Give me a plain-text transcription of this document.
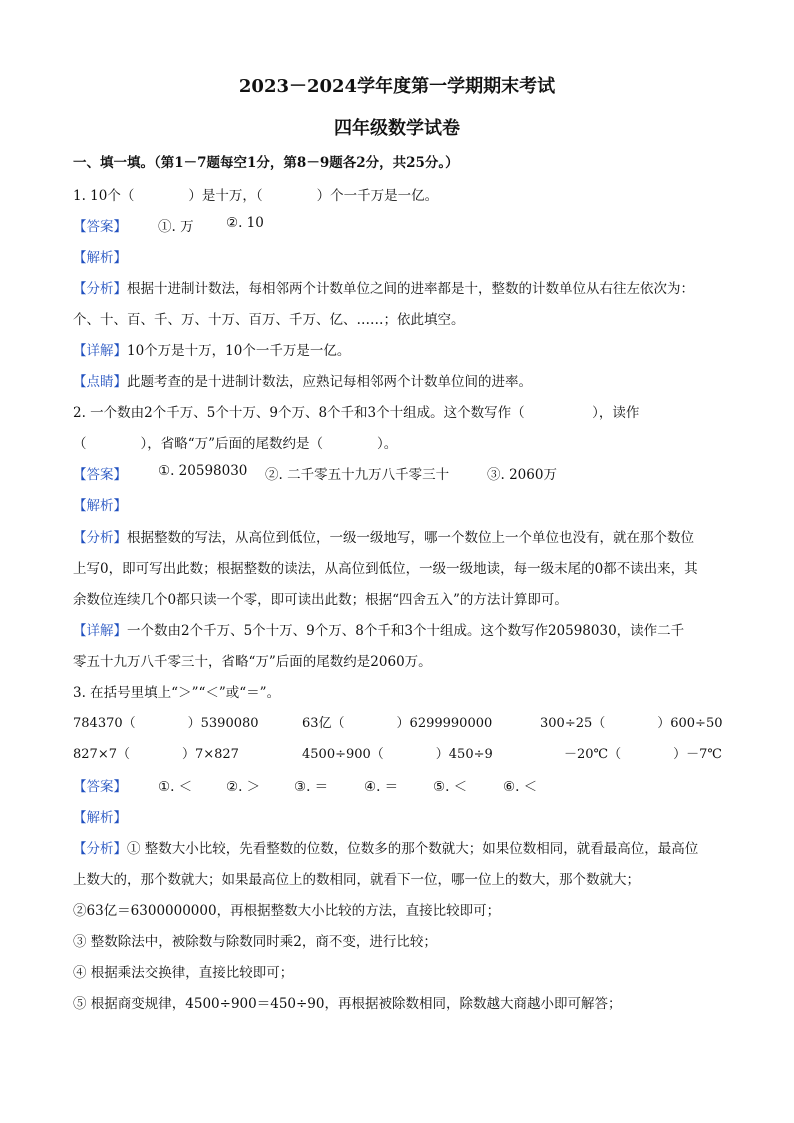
2023－2024学年度第一学期期末考试
四年级数学试卷
一、填一填。（第1－7题每空1分，第8－9题各2分，共25分。）
1. 10个（　　　　）是十万，（　　　　）个一千万是一亿。
【答案】 ①. 万 ②. 10
【解析】
【分析】根据十进制计数法，每相邻两个计数单位之间的进率都是十，整数的计数单位从右往左依次为：
个、十、百、千、万、十万、百万、千万、亿、……；依此填空。
【详解】10个万是十万，10个一千万是一亿。
【点睛】此题考查的是十进制计数法，应熟记每相邻两个计数单位间的进率。
2. 一个数由2个千万、5个十万、9个万、8个千和3个十组成。这个数写作（　　　　　），读作
（　　　　），省略“万”后面的尾数约是（　　　　）。
【答案】 ①. 20598030 ②. 二千零五十九万八千零三十	③. 2060万
【解析】
【分析】根据整数的写法，从高位到低位，一级一级地写，哪一个数位上一个单位也没有，就在那个数位
上写0，即可写出此数；根据整数的读法，从高位到低位，一级一级地读，每一级末尾的0都不读出来，其
余数位连续几个0都只读一个零，即可读出此数；根据“四舍五入”的方法计算即可。
【详解】一个数由2个千万、5个十万、9个万、8个千和3个十组成。这个数写作20598030，读作二千
零五十九万八千零三十，省略“万”后面的尾数约是2060万。
3. 在括号里填上“＞”“＜”或“＝”。
784370（　　　　）5390080	63亿（　　　　）6299990000	300÷25（　　　　）600÷50
827×7（　　　　）7×827	4500÷900（　　　　）450÷9	－20℃（　　　　）－7℃
【答案】 ①. ＜	②. ＞	③. ＝	④. ＝	⑤. ＜	⑥. ＜
【解析】
【分析】① 整数大小比较，先看整数的位数，位数多的那个数就大；如果位数相同，就看最高位，最高位
上数大的，那个数就大；如果最高位上的数相同，就看下一位，哪一位上的数大，那个数就大；
②63亿＝6300000000，再根据整数大小比较的方法，直接比较即可；
③ 整数除法中，被除数与除数同时乘2，商不变，进行比较；
④ 根据乘法交换律，直接比较即可；
⑤ 根据商变规律，4500÷900＝450÷90，再根据被除数相同，除数越大商越小即可解答；
